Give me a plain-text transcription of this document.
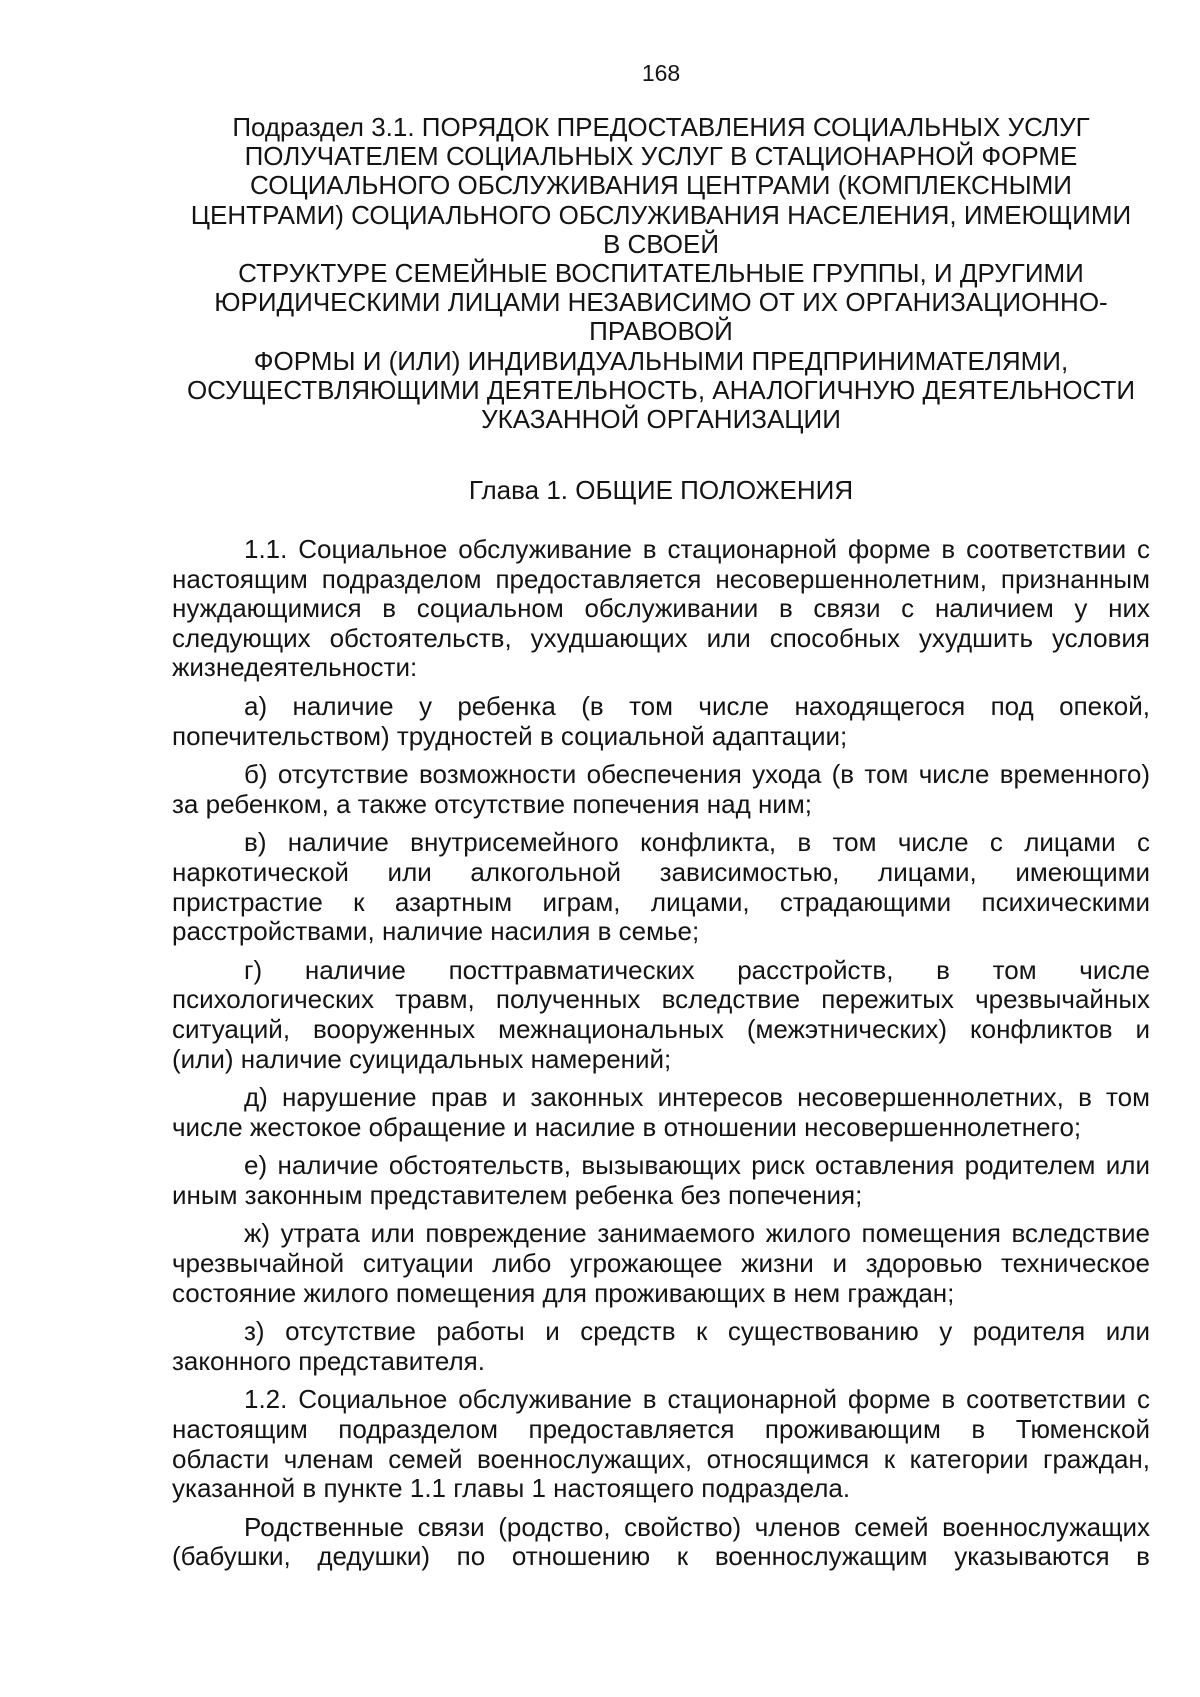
168
Подраздел 3.1. ПОРЯДОК ПРЕДОСТАВЛЕНИЯ СОЦИАЛЬНЫХ УСЛУГ
ПОЛУЧАТЕЛЕМ СОЦИАЛЬНЫХ УСЛУГ В СТАЦИОНАРНОЙ ФОРМЕ
СОЦИАЛЬНОГО ОБСЛУЖИВАНИЯ ЦЕНТРАМИ (КОМПЛЕКСНЫМИ
ЦЕНТРАМИ) СОЦИАЛЬНОГО ОБСЛУЖИВАНИЯ НАСЕЛЕНИЯ, ИМЕЮЩИМИ
В СВОЕЙ
СТРУКТУРЕ СЕМЕЙНЫЕ ВОСПИТАТЕЛЬНЫЕ ГРУППЫ, И ДРУГИМИ
ЮРИДИЧЕСКИМИ ЛИЦАМИ НЕЗАВИСИМО ОТ ИХ ОРГАНИЗАЦИОННО-
ПРАВОВОЙ
ФОРМЫ И (ИЛИ) ИНДИВИДУАЛЬНЫМИ ПРЕДПРИНИМАТЕЛЯМИ,
ОСУЩЕСТВЛЯЮЩИМИ ДЕЯТЕЛЬНОСТЬ, АНАЛОГИЧНУЮ ДЕЯТЕЛЬНОСТИ
УКАЗАННОЙ ОРГАНИЗАЦИИ
Глава 1. ОБЩИЕ ПОЛОЖЕНИЯ
1.1. Социальное обслуживание в стационарной форме в соответствии с
настоящим подразделом предоставляется несовершеннолетним, признанным
нуждающимися в социальном обслуживании в связи с наличием у них
следующих обстоятельств, ухудшающих или способных ухудшить условия
жизнедеятельности:
а) наличие у ребенка (в том числе находящегося под опекой,
попечительством) трудностей в социальной адаптации;
б) отсутствие возможности обеспечения ухода (в том числе временного)
за ребенком, а также отсутствие попечения над ним;
в) наличие внутрисемейного конфликта, в том числе с лицами с
наркотической или алкогольной зависимостью, лицами, имеющими
пристрастие к азартным играм, лицами, страдающими психическими
расстройствами, наличие насилия в семье;
г) наличие посттравматических расстройств, в том числе
психологических травм, полученных вследствие пережитых чрезвычайных
ситуаций, вооруженных межнациональных (межэтнических) конфликтов и
(или) наличие суицидальных намерений;
д) нарушение прав и законных интересов несовершеннолетних, в том
числе жестокое обращение и насилие в отношении несовершеннолетнего;
е) наличие обстоятельств, вызывающих риск оставления родителем или
иным законным представителем ребенка без попечения;
ж) утрата или повреждение занимаемого жилого помещения вследствие
чрезвычайной ситуации либо угрожающее жизни и здоровью техническое
состояние жилого помещения для проживающих в нем граждан;
з) отсутствие работы и средств к существованию у родителя или
законного представителя.
1.2. Социальное обслуживание в стационарной форме в соответствии с
настоящим подразделом предоставляется проживающим в Тюменской
области членам семей военнослужащих, относящимся к категории граждан,
указанной в пункте 1.1 главы 1 настоящего подраздела.
Родственные связи (родство, свойство) членов семей военнослужащих
(бабушки, дедушки) по отношению к военнослужащим указываются в
